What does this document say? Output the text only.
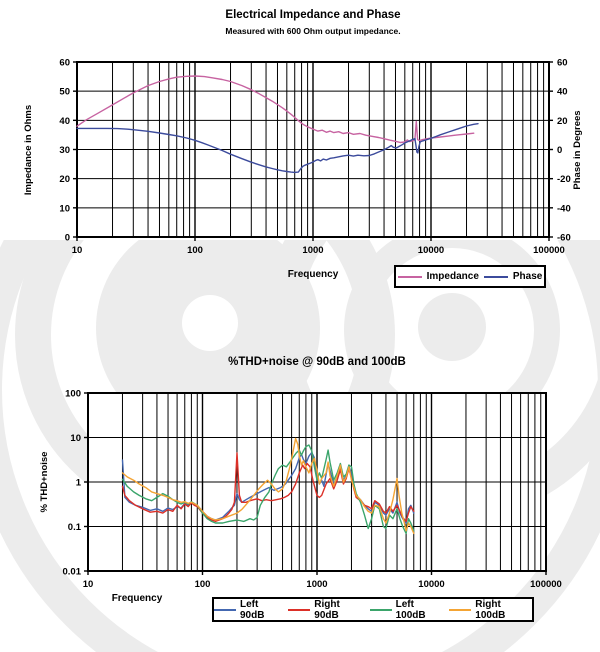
Electrical Impedance and Phase
Measured with 600 Ohm output impedance.
10	100	1000	10000	100000
60
50
40
30
20
10
0
60
40
20
0
-20
-40
-60
Impedance in Ohms	Phase in Degrees
Frequency	Impedance	Phase
%THD+noise @ 90dB and 100dB
10	100	1000	10000	100000
100
10
1
0.1
0.01
% THD+noise
Frequency	Left 90dB
Right 90dB
Left 100dB
Right 100dB
